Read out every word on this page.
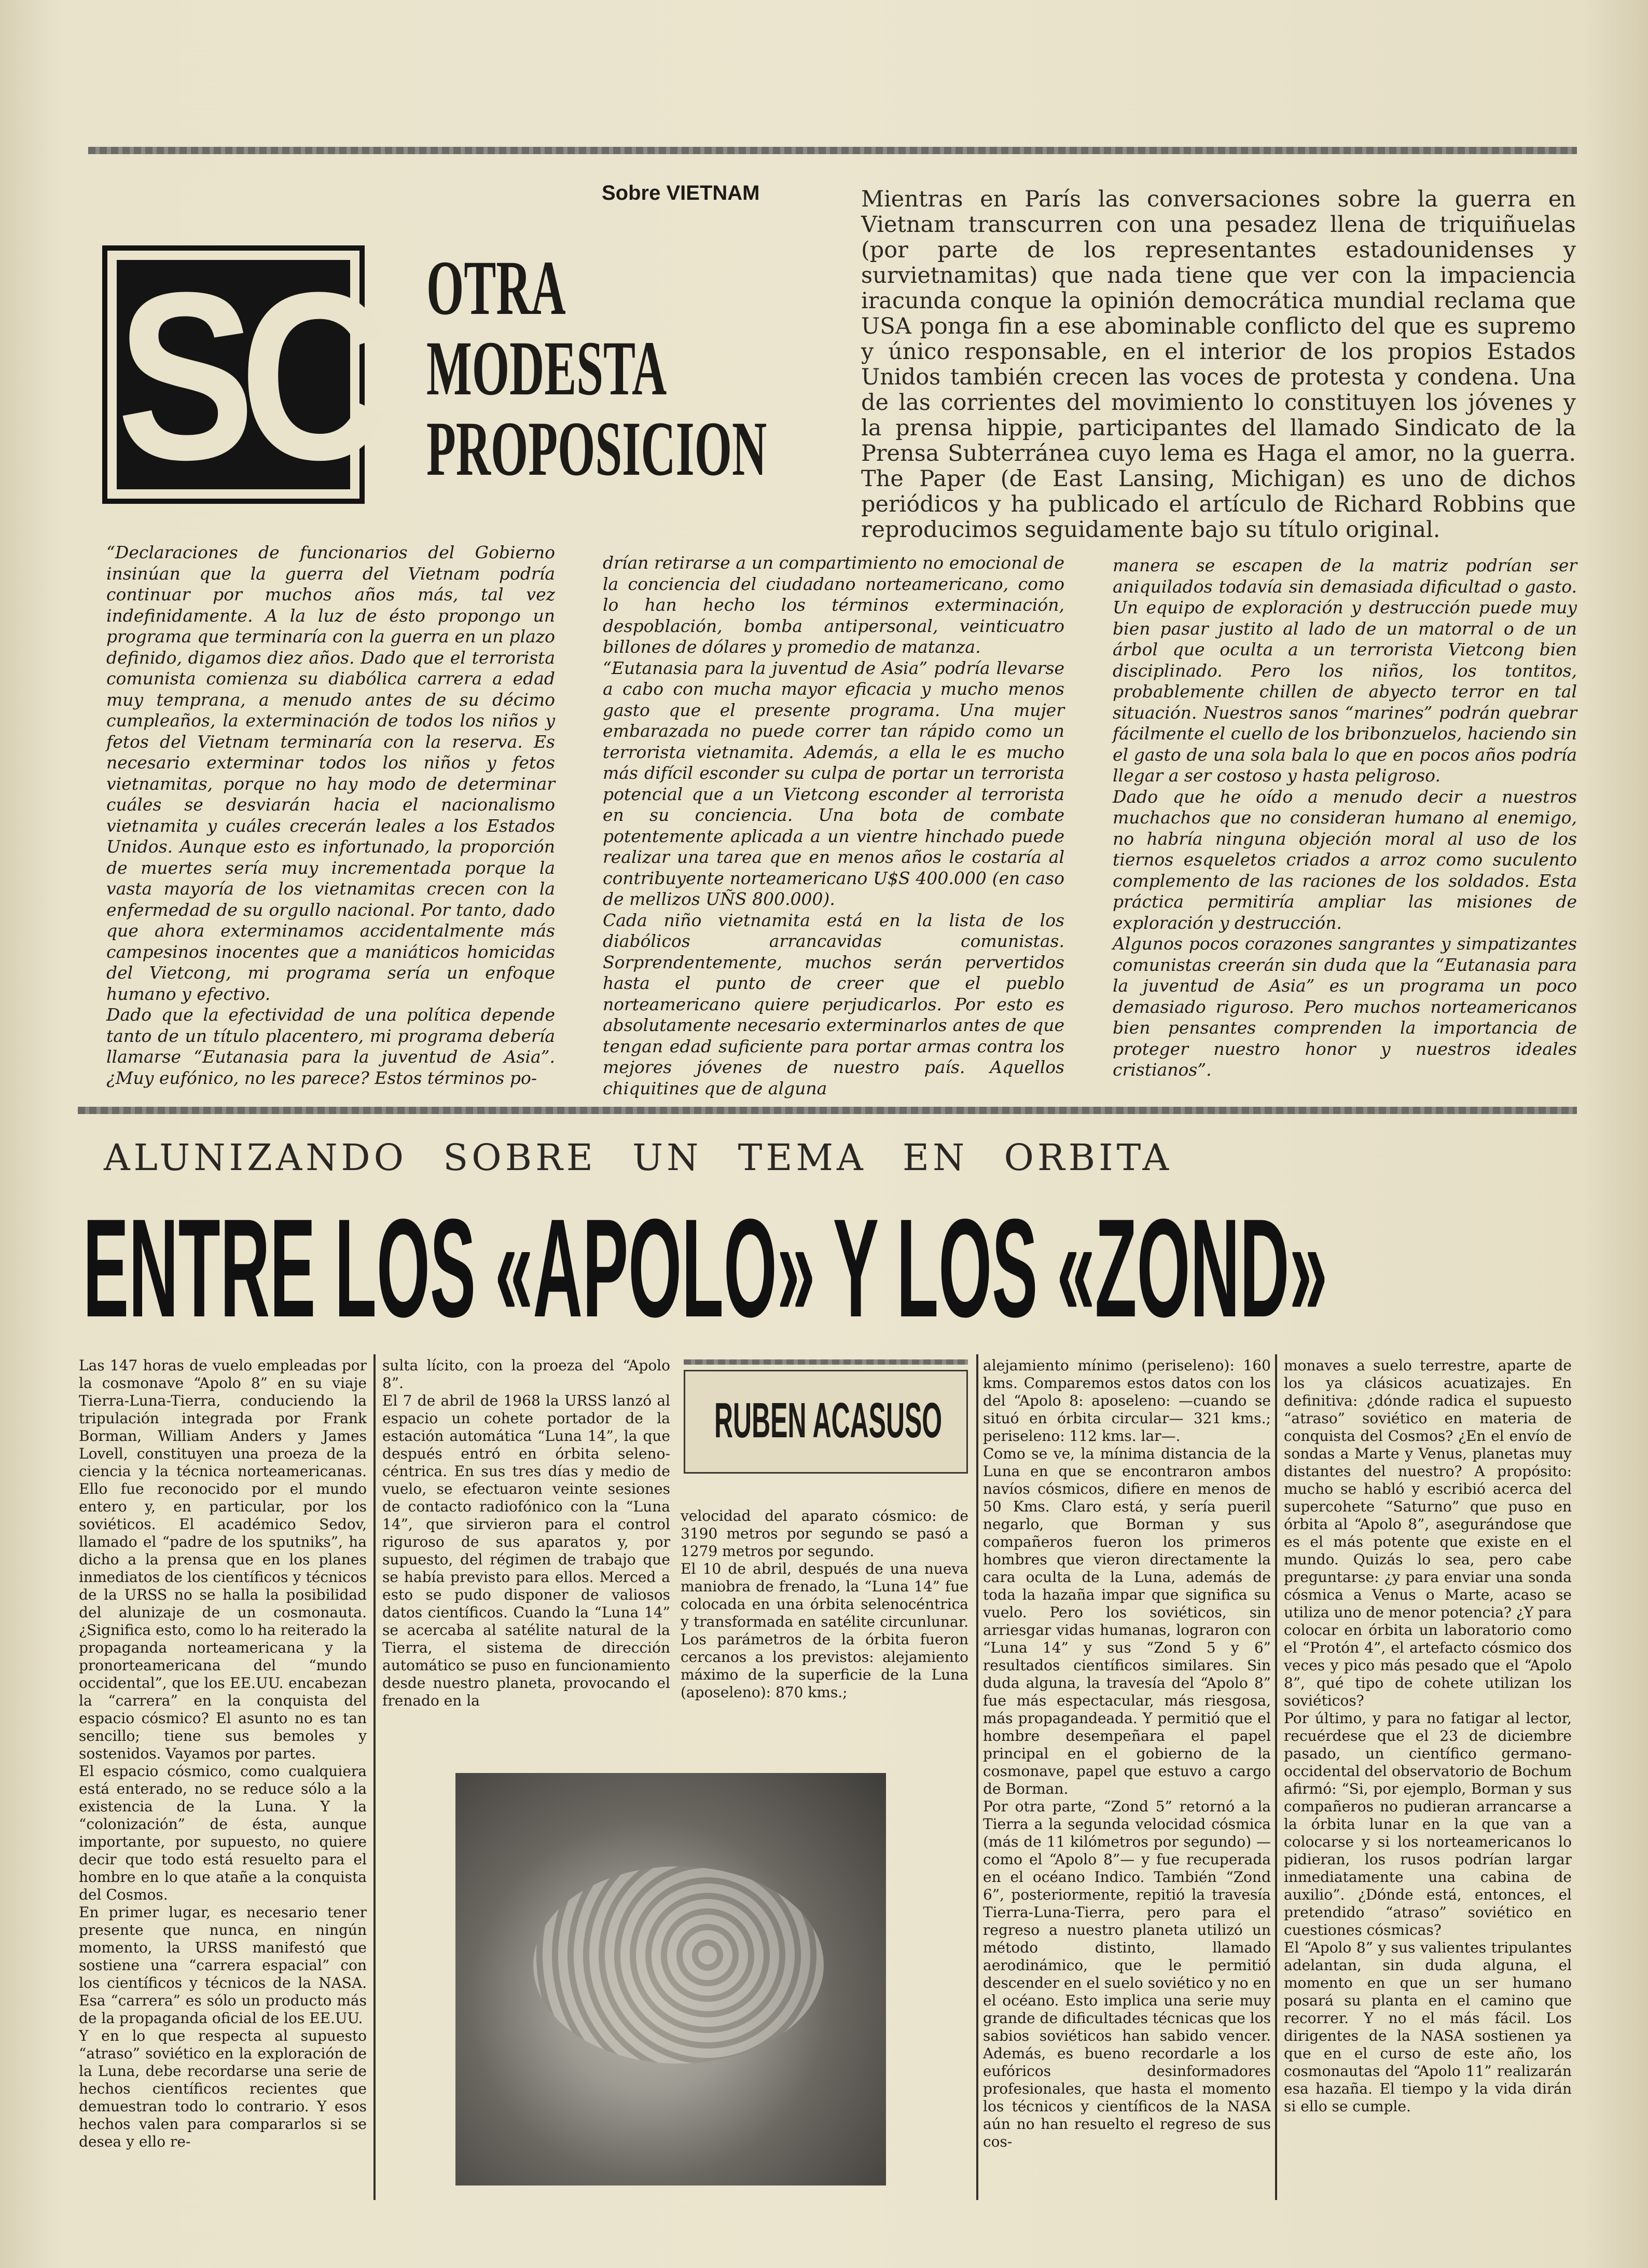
SC
Sobre VIETNAM
OTRA
MODESTA
PROPOSICION
Mientras en París las conversaciones sobre la guerra en Vietnam transcurren con una pesadez llena de triquiñuelas (por parte de los representantes estadounidenses y survietnamitas) que nada tiene que ver con la impaciencia iracunda conque la opinión democrática mundial reclama que USA ponga fin a ese abominable conflicto del que es supremo y único responsable, en el interior de los propios Estados Unidos también crecen las voces de protesta y condena. Una de las corrientes del movimiento lo constituyen los jóvenes y la prensa hippie, participantes del llamado Sindicato de la Prensa Subterránea cuyo lema es Haga el amor, no la guerra. The Paper (de East Lansing, Michigan) es uno de dichos periódicos y ha publicado el artículo de Richard Robbins que reproducimos seguidamente bajo su título original.
“Declaraciones de funcionarios del Gobierno insinúan que la guerra del Vietnam podría continuar por muchos años más, tal vez indefinidamente. A la luz de ésto propongo un programa que terminaría con la guerra en un plazo definido, digamos diez años. Dado que el terrorista comunista comienza su diabólica carrera a edad muy temprana, a menudo antes de su décimo cumpleaños, la exterminación de todos los niños y fetos del Vietnam terminaría con la reserva. Es necesario exterminar todos los niños y fetos vietnamitas, porque no hay modo de determinar cuáles se desviarán hacia el nacionalismo vietnamita y cuáles crecerán leales a los Estados Unidos. Aunque esto es infortunado, la proporción de muertes sería muy incrementada porque la vasta mayoría de los vietnamitas crecen con la enfermedad de su orgullo nacional. Por tanto, dado que ahora exterminamos accidentalmente más campesinos inocentes que a maniáticos homicidas del Vietcong, mi programa sería un enfoque humano y efectivo.
Dado que la efectividad de una política depende tanto de un título placentero, mi programa debería llamarse “Eutanasia para la juventud de Asia”. ¿Muy eufónico, no les parece? Estos términos po-
drían retirarse a un compartimiento no emocional de la conciencia del ciudadano norteamericano, como lo han hecho los términos exterminación, despoblación, bomba antipersonal, veinticuatro billones de dólares y promedio de matanza.
“Eutanasia para la juventud de Asia” podría llevarse a cabo con mucha mayor eficacia y mucho menos gasto que el presente programa. Una mujer embarazada no puede correr tan rápido como un terrorista vietnamita. Además, a ella le es mucho más difícil esconder su culpa de portar un terrorista potencial que a un Vietcong esconder al terrorista en su conciencia. Una bota de combate potentemente aplicada a un vientre hinchado puede realizar una tarea que en menos años le costaría al contribuyente norteamericano U$S 400.000 (en caso de mellizos UÑS 800.000).
Cada niño vietnamita está en la lista de los diabólicos arrancavidas comunistas. Sorprendentemente, muchos serán pervertidos hasta el punto de creer que el pueblo norteamericano quiere perjudicarlos. Por esto es absolutamente necesario exterminarlos antes de que tengan edad suficiente para portar armas contra los mejores jóvenes de nuestro país. Aquellos chiquitines que de alguna
manera se escapen de la matriz podrían ser aniquilados todavía sin demasiada dificultad o gasto. Un equipo de exploración y destrucción puede muy bien pasar justito al lado de un matorral o de un árbol que oculta a un terrorista Vietcong bien disciplinado. Pero los niños, los tontitos, probablemente chillen de abyecto terror en tal situación. Nuestros sanos “marines” podrán quebrar fácilmente el cuello de los bribonzuelos, haciendo sin el gasto de una sola bala lo que en pocos años podría llegar a ser costoso y hasta peligroso.
Dado que he oído a menudo decir a nuestros muchachos que no consideran humano al enemigo, no habría ninguna objeción moral al uso de los tiernos esqueletos criados a arroz como suculento complemento de las raciones de los soldados. Esta práctica permitiría ampliar las misiones de exploración y destrucción.
Algunos pocos corazones sangrantes y simpatizantes comunistas creerán sin duda que la “Eutanasia para la juventud de Asia” es un programa un poco demasiado riguroso. Pero muchos norteamericanos bien pensantes comprenden la importancia de proteger nuestro honor y nuestros ideales cristianos”.
ALUNIZANDO SOBRE UN TEMA EN ORBITA
ENTRE LOS «APOLO» Y LOS «ZOND»
Las 147 horas de vuelo empleadas por la cosmonave “Apolo 8” en su viaje Tierra-Luna-Tierra, conduciendo la tripulación integrada por Frank Borman, William Anders y James Lovell, constituyen una proeza de la ciencia y la técnica norteamericanas. Ello fue reconocido por el mundo entero y, en particular, por los soviéticos. El académico Sedov, llamado el “padre de los sputniks”, ha dicho a la prensa que en los planes inmediatos de los científicos y técnicos de la URSS no se halla la posibilidad del alunizaje de un cosmonauta. ¿Significa esto, como lo ha reiterado la propaganda norteamericana y la pronorteamericana del “mundo occidental”, que los EE.UU. encabezan la “carrera” en la conquista del espacio cósmico? El asunto no es tan sencillo; tiene sus bemoles y sostenidos. Vayamos por partes.
El espacio cósmico, como cualquiera está enterado, no se reduce sólo a la existencia de la Luna. Y la “colonización” de ésta, aunque importante, por supuesto, no quiere decir que todo está resuelto para el hombre en lo que atañe a la conquista del Cosmos.
En primer lugar, es necesario tener presente que nunca, en ningún momento, la URSS manifestó que sostiene una “carrera espacial” con los científicos y técnicos de la NASA. Esa “carrera” es sólo un producto más de la propaganda oficial de los EE.UU.
Y en lo que respecta al supuesto “atraso” soviético en la exploración de la Luna, debe recordarse una serie de hechos científicos recientes que demuestran todo lo contrario. Y esos hechos valen para compararlos si se desea y ello re-
sulta lícito, con la proeza del “Apolo 8”.
El 7 de abril de 1968 la URSS lanzó al espacio un cohete portador de la estación automática “Luna 14”, la que después entró en órbita seleno-céntrica. En sus tres días y medio de vuelo, se efectuaron veinte sesiones de contacto radiofónico con la “Luna 14”, que sirvieron para el control riguroso de sus aparatos y, por supuesto, del régimen de trabajo que se había previsto para ellos. Merced a esto se pudo disponer de valiosos datos científicos. Cuando la “Luna 14” se acercaba al satélite natural de la Tierra, el sistema de dirección automático se puso en funcionamiento desde nuestro planeta, provocando el frenado en la
RUBEN ACASUSO
velocidad del aparato cósmico: de 3190 metros por segundo se pasó a 1279 metros por segundo.
El 10 de abril, después de una nueva maniobra de frenado, la “Luna 14” fue colocada en una órbita selenocéntrica y transformada en satélite circunlunar. Los parámetros de la órbita fueron cercanos a los previstos: alejamiento máximo de la superficie de la Luna (aposeleno): 870 kms.;
alejamiento mínimo (periseleno): 160 kms. Comparemos estos datos con los del “Apolo 8: aposeleno: —cuando se situó en órbita circular— 321 kms.; periseleno: 112 kms. lar—.
Como se ve, la mínima distancia de la Luna en que se encontraron ambos navíos cósmicos, difiere en menos de 50 Kms. Claro está, y sería pueril negarlo, que Borman y sus compañeros fueron los primeros hombres que vieron directamente la cara oculta de la Luna, además de toda la hazaña impar que significa su vuelo. Pero los soviéticos, sin arriesgar vidas humanas, lograron con “Luna 14” y sus “Zond 5 y 6” resultados científicos similares. Sin duda alguna, la travesía del “Apolo 8” fue más espectacular, más riesgosa, más propagandeada. Y permitió que el hombre desempeñara el papel principal en el gobierno de la cosmonave, papel que estuvo a cargo de Borman.
Por otra parte, “Zond 5” retornó a la Tierra a la segunda velocidad cósmica (más de 11 kilómetros por segundo) —como el “Apolo 8”— y fue recuperada en el océano Indico. También “Zond 6”, posteriormente, repitió la travesía Tierra-Luna-Tierra, pero para el regreso a nuestro planeta utilizó un método distinto, llamado aerodinámico, que le permitió descender en el suelo soviético y no en el océano. Esto implica una serie muy grande de dificultades técnicas que los sabios soviéticos han sabido vencer. Además, es bueno recordarle a los eufóricos desinformadores profesionales, que hasta el momento los técnicos y científicos de la NASA aún no han resuelto el regreso de sus cos-
monaves a suelo terrestre, aparte de los ya clásicos acuatizajes. En definitiva: ¿dónde radica el supuesto “atraso” soviético en materia de conquista del Cosmos? ¿En el envío de sondas a Marte y Venus, planetas muy distantes del nuestro? A propósito: mucho se habló y escribió acerca del supercohete “Saturno” que puso en órbita al “Apolo 8”, asegurándose que es el más potente que existe en el mundo. Quizás lo sea, pero cabe preguntarse: ¿y para enviar una sonda cósmica a Venus o Marte, acaso se utiliza uno de menor potencia? ¿Y para colocar en órbita un laboratorio como el “Protón 4”, el artefacto cósmico dos veces y pico más pesado que el “Apolo 8”, qué tipo de cohete utilizan los soviéticos?
Por último, y para no fatigar al lector, recuérdese que el 23 de diciembre pasado, un científico germano-occidental del observatorio de Bochum afirmó: “Si, por ejemplo, Borman y sus compañeros no pudieran arrancarse a la órbita lunar en la que van a colocarse y si los norteamericanos lo pidieran, los rusos podrían largar inmediatamente una cabina de auxilio”. ¿Dónde está, entonces, el pretendido “atraso” soviético en cuestiones cósmicas?
El “Apolo 8” y sus valientes tripulantes adelantan, sin duda alguna, el momento en que un ser humano posará su planta en el camino que recorrer. Y no el más fácil. Los dirigentes de la NASA sostienen ya que en el curso de este año, los cosmonautas del “Apolo 11” realizarán esa hazaña. El tiempo y la vida dirán si ello se cumple.
